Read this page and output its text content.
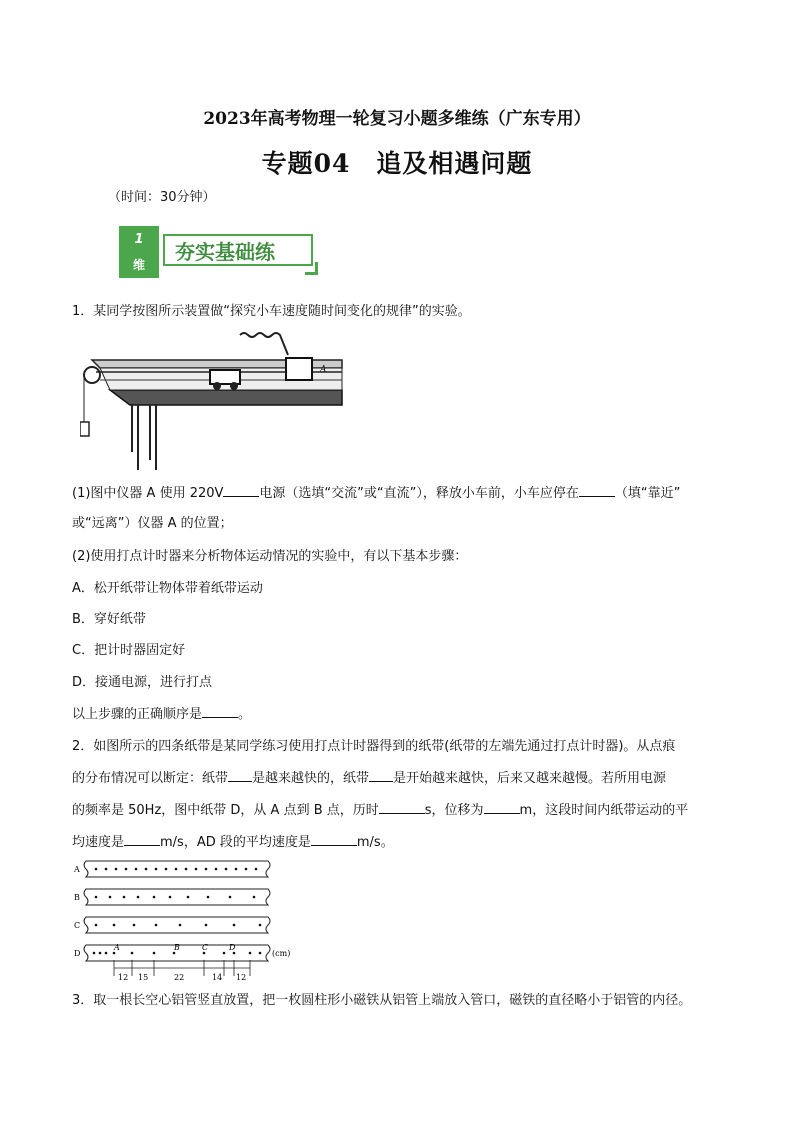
2023年高考物理一轮复习小题多维练（广东专用）
专题04　追及相遇问题
（时间：30分钟）
1
维
夯实基础练
1．某同学按图所示装置做“探究小车速度随时间变化的规律”的实验。
A
(1)图中仪器 A 使用 220V	电源（选填“交流”或“直流”），释放小车前，小车应停在	（填“靠近”
或“远离”）仪器 A 的位置；
(2)使用打点计时器来分析物体运动情况的实验中，有以下基本步骤：
A．松开纸带让物体带着纸带运动
B．穿好纸带
C．把计时器固定好
D．接通电源，进行打点
以上步骤的正确顺序是	。
2．如图所示的四条纸带是某同学练习使用打点计时器得到的纸带(纸带的左端先通过打点计时器)。从点痕
的分布情况可以断定：纸带 是越来越快的，纸带 是开始越来越快，后来又越来越慢。若所用电源
的频率是 50Hz，图中纸带 D，从 A 点到 B 点，历时	s，位移为	m，这段时间内纸带运动的平
均速度是	m/s，AD 段的平均速度是	m/s。
A
B
C
D
A	B	C	D
(cm)
12 15	22	14 12
3．取一根长空心铝管竖直放置，把一枚圆柱形小磁铁从铝管上端放入管口，磁铁的直径略小于铝管的内径。
